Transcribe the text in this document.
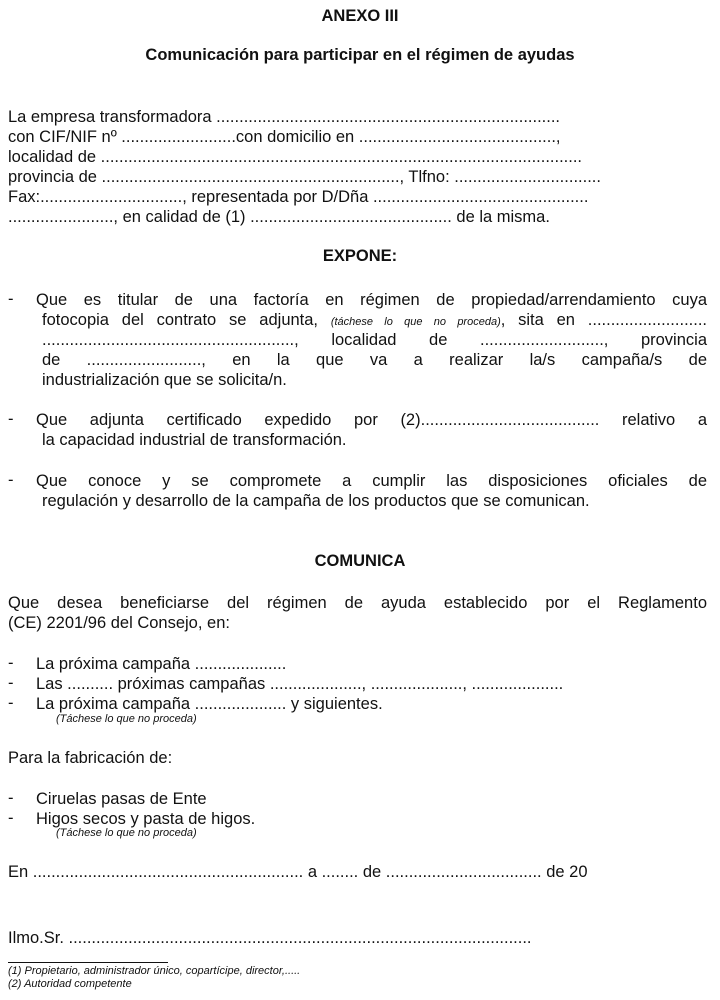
ANEXO III
Comunicación para participar en el régimen de ayudas
La empresa transformadora ...........................................................................
con CIF/NIF nº .........................con domicilio en ...........................................,
localidad de .........................................................................................................
provincia de ................................................................., Tlfno: ................................
Fax:..............................., representada por D/Dña ...............................................
......................., en calidad de (1) ............................................ de la misma.
EXPONE:
- Que es titular de una factoría en régimen de propiedad/arrendamiento cuya
fotocopia del contrato se adjunta, (táchese lo que no proceda), sita en ..........................
......................................................., localidad de ..........................., provincia
de ........................., en la que va a realizar la/s campaña/s de
industrialización que se solicita/n.
- Que adjunta certificado expedido por (2)....................................... relativo a
la capacidad industrial de transformación.
- Que conoce y se compromete a cumplir las disposiciones oficiales de
regulación y desarrollo de la campaña de los productos que se comunican.
COMUNICA
Que desea beneficiarse del régimen de ayuda establecido por el Reglamento
(CE) 2201/96 del Consejo, en:
- La próxima campaña ....................
- Las .......... próximas campañas ...................., ...................., ....................
- La próxima campaña .................... y siguientes.
(Táchese lo que no proceda)
Para la fabricación de:
- Ciruelas pasas de Ente
- Higos secos y pasta de higos.
(Táchese lo que no proceda)
En ........................................................... a ........ de .................................. de 20
Ilmo.Sr. .....................................................................................................
(1) Propietario, administrador único, copartícipe, director,.....
(2) Autoridad competente
